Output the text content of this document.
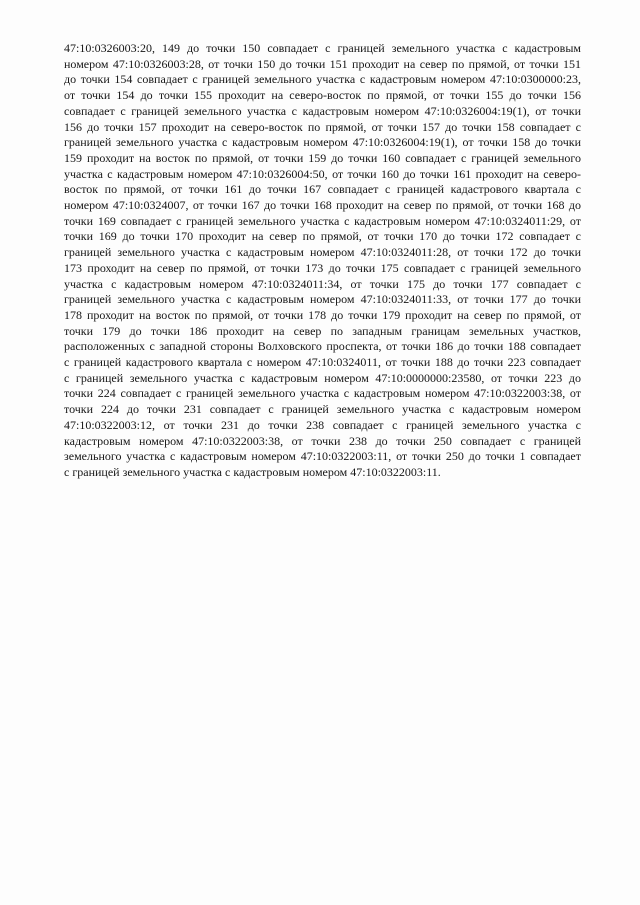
47:10:0326003:20, 149 до точки 150 совпадает с границей земельного участка с кадастровым
номером 47:10:0326003:28, от точки 150 до точки 151 проходит на север по прямой, от точки 151
до точки 154 совпадает с границей земельного участка с кадастровым номером 47:10:0300000:23,
от точки 154 до точки 155 проходит на северо-восток по прямой, от точки 155 до точки 156
совпадает с границей земельного участка с кадастровым номером 47:10:0326004:19(1), от точки
156 до точки 157 проходит на северо-восток по прямой, от точки 157 до точки 158 совпадает с
границей земельного участка с кадастровым номером 47:10:0326004:19(1), от точки 158 до точки
159 проходит на восток по прямой, от точки 159 до точки 160 совпадает с границей земельного
участка с кадастровым номером 47:10:0326004:50, от точки 160 до точки 161 проходит на северо-
восток по прямой, от точки 161 до точки 167 совпадает с границей кадастрового квартала с
номером 47:10:0324007, от точки 167 до точки 168 проходит на север по прямой, от точки 168 до
точки 169 совпадает с границей земельного участка с кадастровым номером 47:10:0324011:29, от
точки 169 до точки 170 проходит на север по прямой, от точки 170 до точки 172 совпадает с
границей земельного участка с кадастровым номером 47:10:0324011:28, от точки 172 до точки
173 проходит на север по прямой, от точки 173 до точки 175 совпадает с границей земельного
участка с кадастровым номером 47:10:0324011:34, от точки 175 до точки 177 совпадает с
границей земельного участка с кадастровым номером 47:10:0324011:33, от точки 177 до точки
178 проходит на восток по прямой, от точки 178 до точки 179 проходит на север по прямой, от
точки 179 до точки 186 проходит на север по западным границам земельных участков,
расположенных с западной стороны Волховского проспекта, от точки 186 до точки 188 совпадает
с границей кадастрового квартала с номером 47:10:0324011, от точки 188 до точки 223 совпадает
с границей земельного участка с кадастровым номером 47:10:0000000:23580, от точки 223 до
точки 224 совпадает с границей земельного участка с кадастровым номером 47:10:0322003:38, от
точки 224 до точки 231 совпадает с границей земельного участка с кадастровым номером
47:10:0322003:12, от точки 231 до точки 238 совпадает с границей земельного участка с
кадастровым номером 47:10:0322003:38, от точки 238 до точки 250 совпадает с границей
земельного участка с кадастровым номером 47:10:0322003:11, от точки 250 до точки 1 совпадает
с границей земельного участка с кадастровым номером 47:10:0322003:11.
